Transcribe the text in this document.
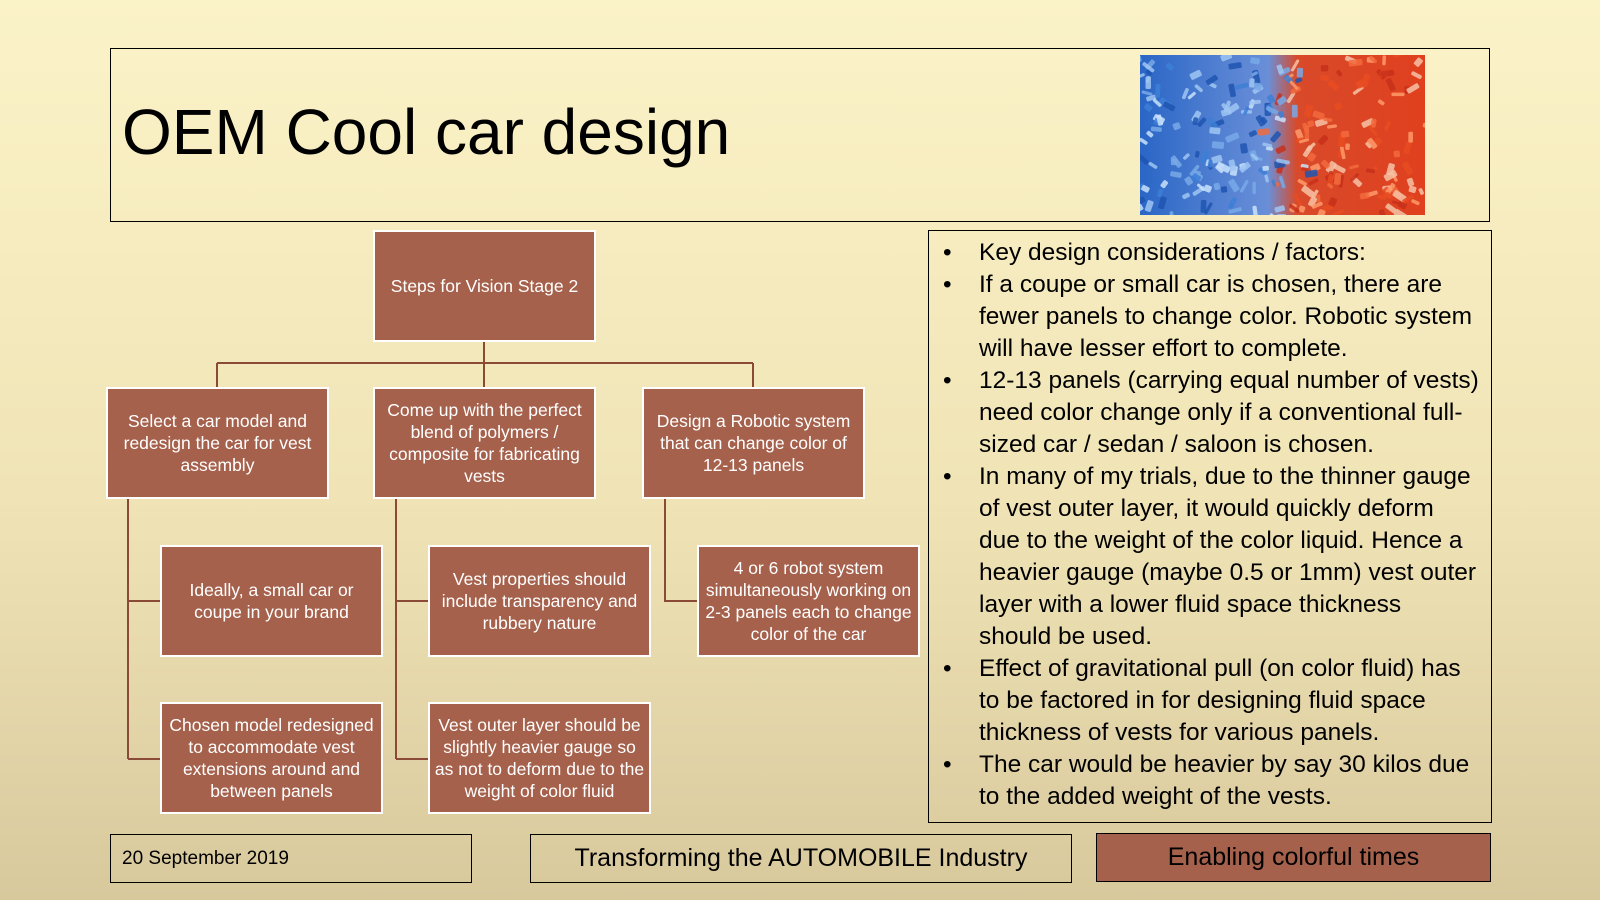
OEM Cool car design
Steps for Vision Stage 2
Select a car model and redesign the car for vest assembly
Come up with the perfect blend of polymers / composite for fabricating vests
Design a Robotic system that can change color of 12-13 panels
Ideally, a small car or coupe in your brand
Chosen model redesigned to accommodate vest extensions around and between panels
Vest properties should include transparency and rubbery nature
Vest outer layer should be slightly heavier gauge so as not to deform due to the weight of color fluid
4 or 6 robot system simultaneously working on 2-3 panels each to change color of the car
• Key design considerations / factors:
• If a coupe or small car is chosen, there are fewer panels to change color. Robotic system will have lesser effort to complete.
• 12-13 panels (carrying equal number of vests) need color change only if a conventional full-sized car / sedan / saloon is chosen.
• In many of my trials, due to the thinner gauge of vest outer layer, it would quickly deform due to the weight of the color liquid. Hence a heavier gauge (maybe 0.5 or 1mm) vest outer layer with a lower fluid space thickness should be used.
• Effect of gravitational pull (on color fluid) has to be factored in for designing fluid space thickness of vests for various panels.
• The car would be heavier by say 30 kilos due to the added weight of the vests.
20 September 2019	Transforming the AUTOMOBILE Industry	Enabling colorful times
